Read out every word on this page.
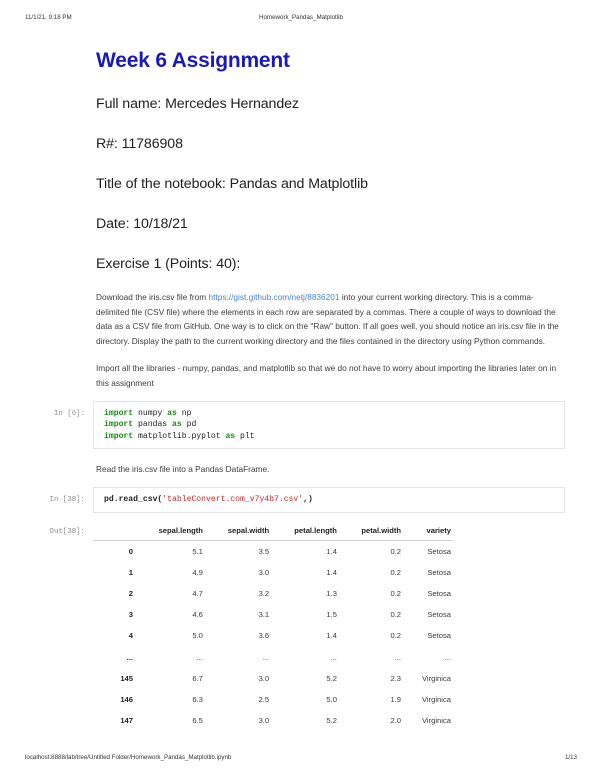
11/1/21, 9:18 PM	Homework_Pandas_Matplotlib
Week 6 Assignment
Full name: Mercedes Hernandez
R#: 11786908
Title of the notebook: Pandas and Matplotlib
Date: 10/18/21
Exercise 1 (Points: 40):

Download the iris.csv file from https://gist.github.com/netj/8836201 into your current working directory. This is a comma-delimited file (CSV file) where the elements in each row are separated by a commas. There a couple of ways to download the data as a CSV file from GitHub. One way is to click on the "Raw" button. If all goes well, you should notice an iris.csv file in the directory. Display the path to the current working directory and the files contained in the directory using Python commands.

Import all the libraries - numpy, pandas, and matplotlib so that we do not have to worry about importing the libraries later on in this assignment

In [6]:	import numpy as np
import pandas as pd
import matplotlib.pyplot as plt

Read the iris.csv file into a Pandas DataFrame.

In [38]:	pd.read_csv('tableConvert.com_v7y4b7.csv',)
Out[38]:
		sepal.length	sepal.width	petal.length	petal.width	variety
0	5.1	3.5	1.4	0.2	Setosa
1	4.9	3.0	1.4	0.2	Setosa
2	4.7	3.2	1.3	0.2	Setosa
3	4.6	3.1	1.5	0.2	Setosa
4	5.0	3.6	1.4	0.2	Setosa
...	...	...	...	...	...
145	6.7	3.0	5.2	2.3	Virginica
146	6.3	2.5	5.0	1.9	Virginica
147	6.5	3.0	5.2	2.0	Virginica
localhost:8888/lab/tree/Untitled Folder/Homework_Pandas_Matplotlib.ipynb	1/13
